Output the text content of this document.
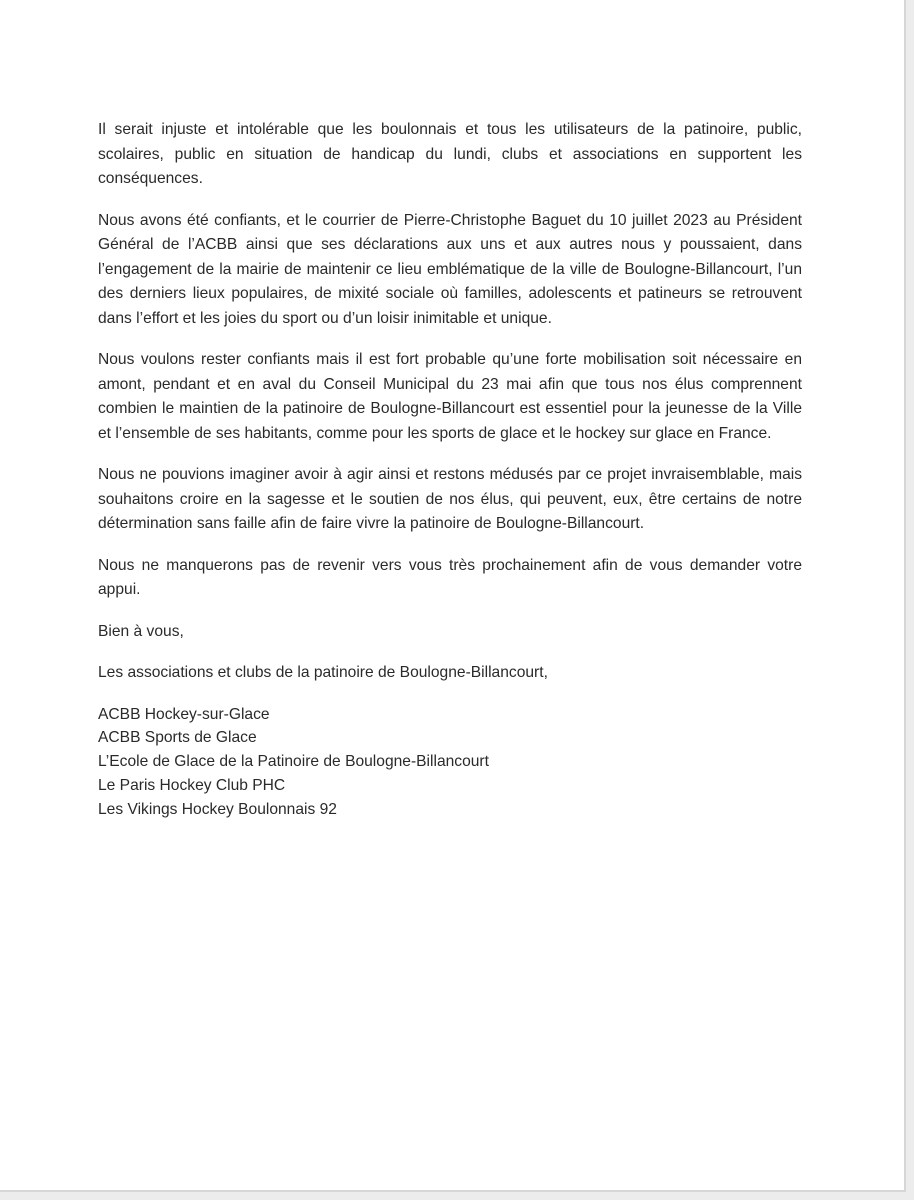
Il serait injuste et intolérable que les boulonnais et tous les utilisateurs de la patinoire, public, scolaires, public en situation de handicap du lundi, clubs et associations en supportent les conséquences.

Nous avons été confiants, et le courrier de Pierre-Christophe Baguet du 10 juillet 2023 au Président Général de l’ACBB ainsi que ses déclarations aux uns et aux autres nous y poussaient, dans l’engagement de la mairie de maintenir ce lieu emblématique de la ville de Boulogne-Billancourt, l’un des derniers lieux populaires, de mixité sociale où familles, adolescents et patineurs se retrouvent dans l’effort et les joies du sport ou d’un loisir inimitable et unique.

Nous voulons rester confiants mais il est fort probable qu’une forte mobilisation soit nécessaire en amont, pendant et en aval du Conseil Municipal du 23 mai afin que tous nos élus comprennent combien le maintien de la patinoire de Boulogne-Billancourt est essentiel pour la jeunesse de la Ville et l’ensemble de ses habitants, comme pour les sports de glace et le hockey sur glace en France.

Nous ne pouvions imaginer avoir à agir ainsi et restons médusés par ce projet invraisemblable, mais souhaitons croire en la sagesse et le soutien de nos élus, qui peuvent, eux, être certains de notre détermination sans faille afin de faire vivre la patinoire de Boulogne-Billancourt.

Nous ne manquerons pas de revenir vers vous très prochainement afin de vous demander votre appui.

Bien à vous,

Les associations et clubs de la patinoire de Boulogne-Billancourt,

ACBB Hockey-sur-Glace
ACBB Sports de Glace
L’Ecole de Glace de la Patinoire de Boulogne-Billancourt
Le Paris Hockey Club PHC
Les Vikings Hockey Boulonnais 92
